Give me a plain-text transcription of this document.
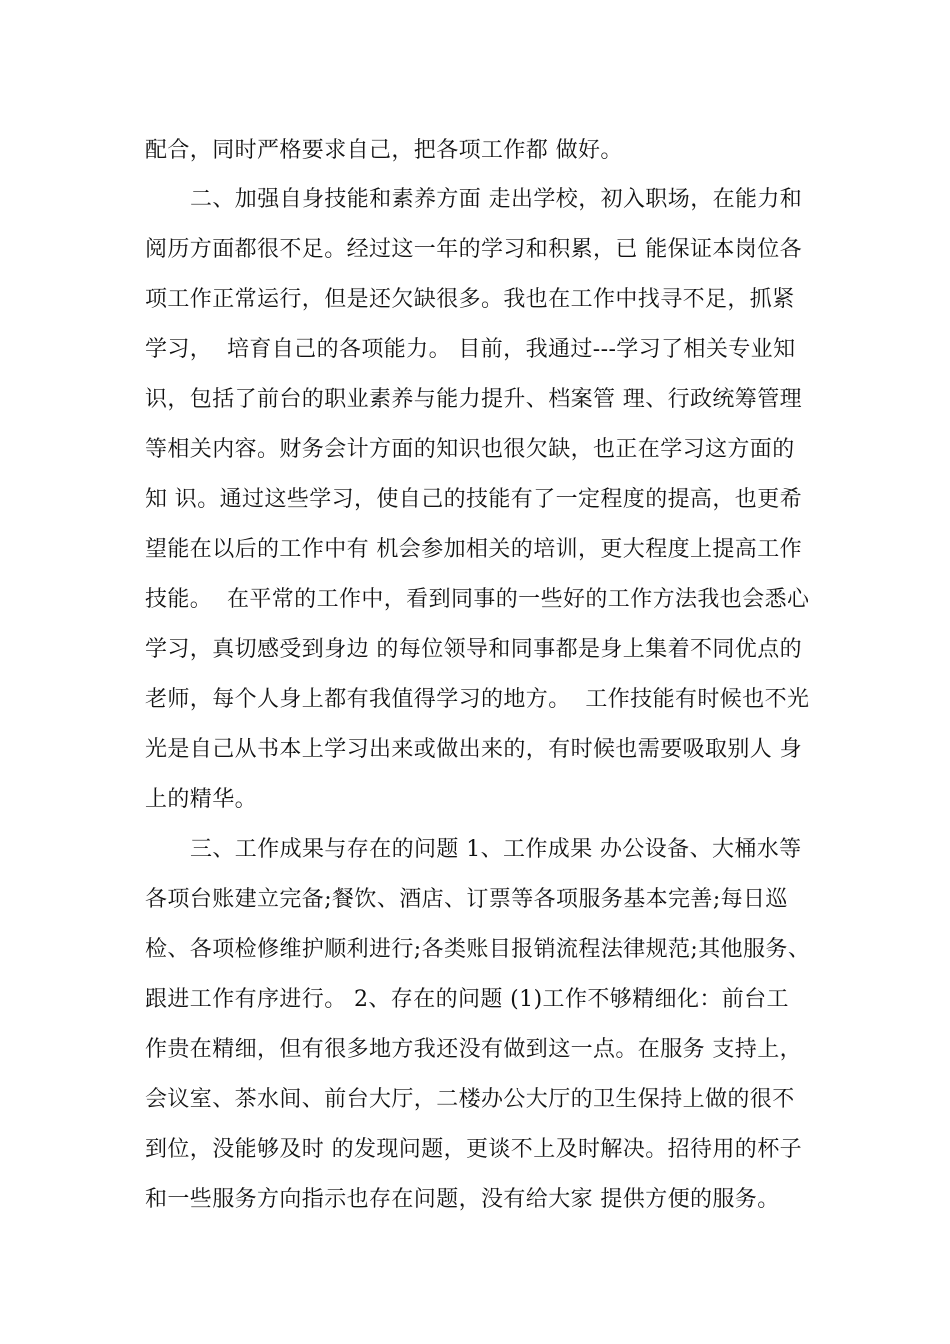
配合，同时严格要求自己，把各项工作都 做好。
二、加强自身技能和素养方面 走出学校，初入职场，在能力和
阅历方面都很不足。经过这一年的学习和积累，已 能保证本岗位各
项工作正常运行，但是还欠缺很多。我也在工作中找寻不足，抓紧
学习，  培育自己的各项能力。 目前，我通过---学习了相关专业知
识，包括了前台的职业素养与能力提升、档案管 理、行政统筹管理
等相关内容。财务会计方面的知识也很欠缺，也正在学习这方面的
知 识。通过这些学习，使自己的技能有了一定程度的提高，也更希
望能在以后的工作中有 机会参加相关的培训，更大程度上提高工作
技能。  在平常的工作中，看到同事的一些好的工作方法我也会悉心
学习，真切感受到身边 的每位领导和同事都是身上集着不同优点的
老师，每个人身上都有我值得学习的地方。  工作技能有时候也不光
光是自己从书本上学习出来或做出来的，有时候也需要吸取别人 身
上的精华。
三、工作成果与存在的问题 1、工作成果 办公设备、大桶水等
各项台账建立完备;餐饮、酒店、订票等各项服务基本完善;每日巡
检、各项检修维护顺利进行;各类账目报销流程法律规范;其他服务、
跟进工作有序进行。 2、存在的问题 (1)工作不够精细化：前台工
作贵在精细，但有很多地方我还没有做到这一点。在服务 支持上，
会议室、茶水间、前台大厅，二楼办公大厅的卫生保持上做的很不
到位，没能够及时 的发现问题，更谈不上及时解决。招待用的杯子
和一些服务方向指示也存在问题，没有给大家 提供方便的服务。
